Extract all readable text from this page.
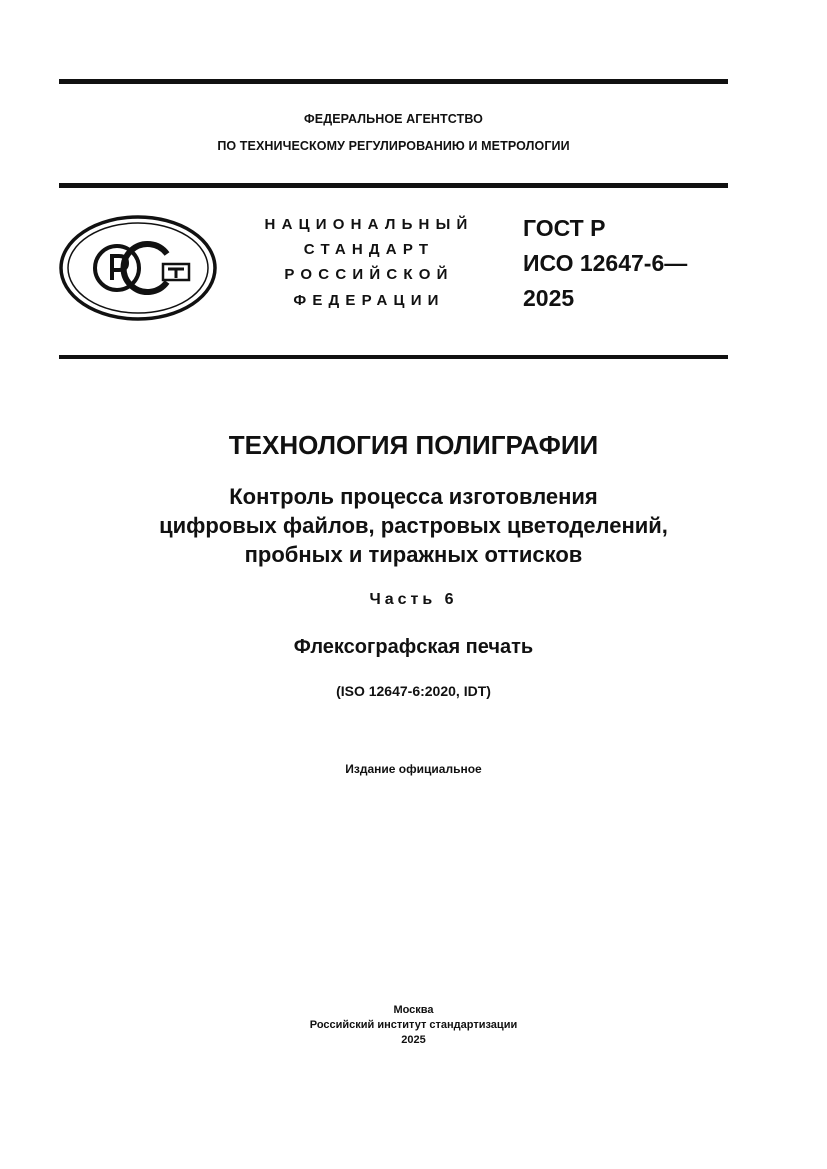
ФЕДЕРАЛЬНОЕ АГЕНТСТВО
ПО ТЕХНИЧЕСКОМУ РЕГУЛИРОВАНИЮ И МЕТРОЛОГИИ
НАЦИОНАЛЬНЫЙ
СТАНДАРТ
РОССИЙСКОЙ
ФЕДЕРАЦИИ
ГОСТ Р
ИСО 12647-6—
2025
ТЕХНОЛОГИЯ ПОЛИГРАФИИ
Контроль процесса изготовления
цифровых файлов, растровых цветоделений,
пробных и тиражных оттисков
Часть 6
Флексографская печать
(ISO 12647-6:2020, IDT)
Издание официальное
Москва
Российский институт стандартизации
2025
